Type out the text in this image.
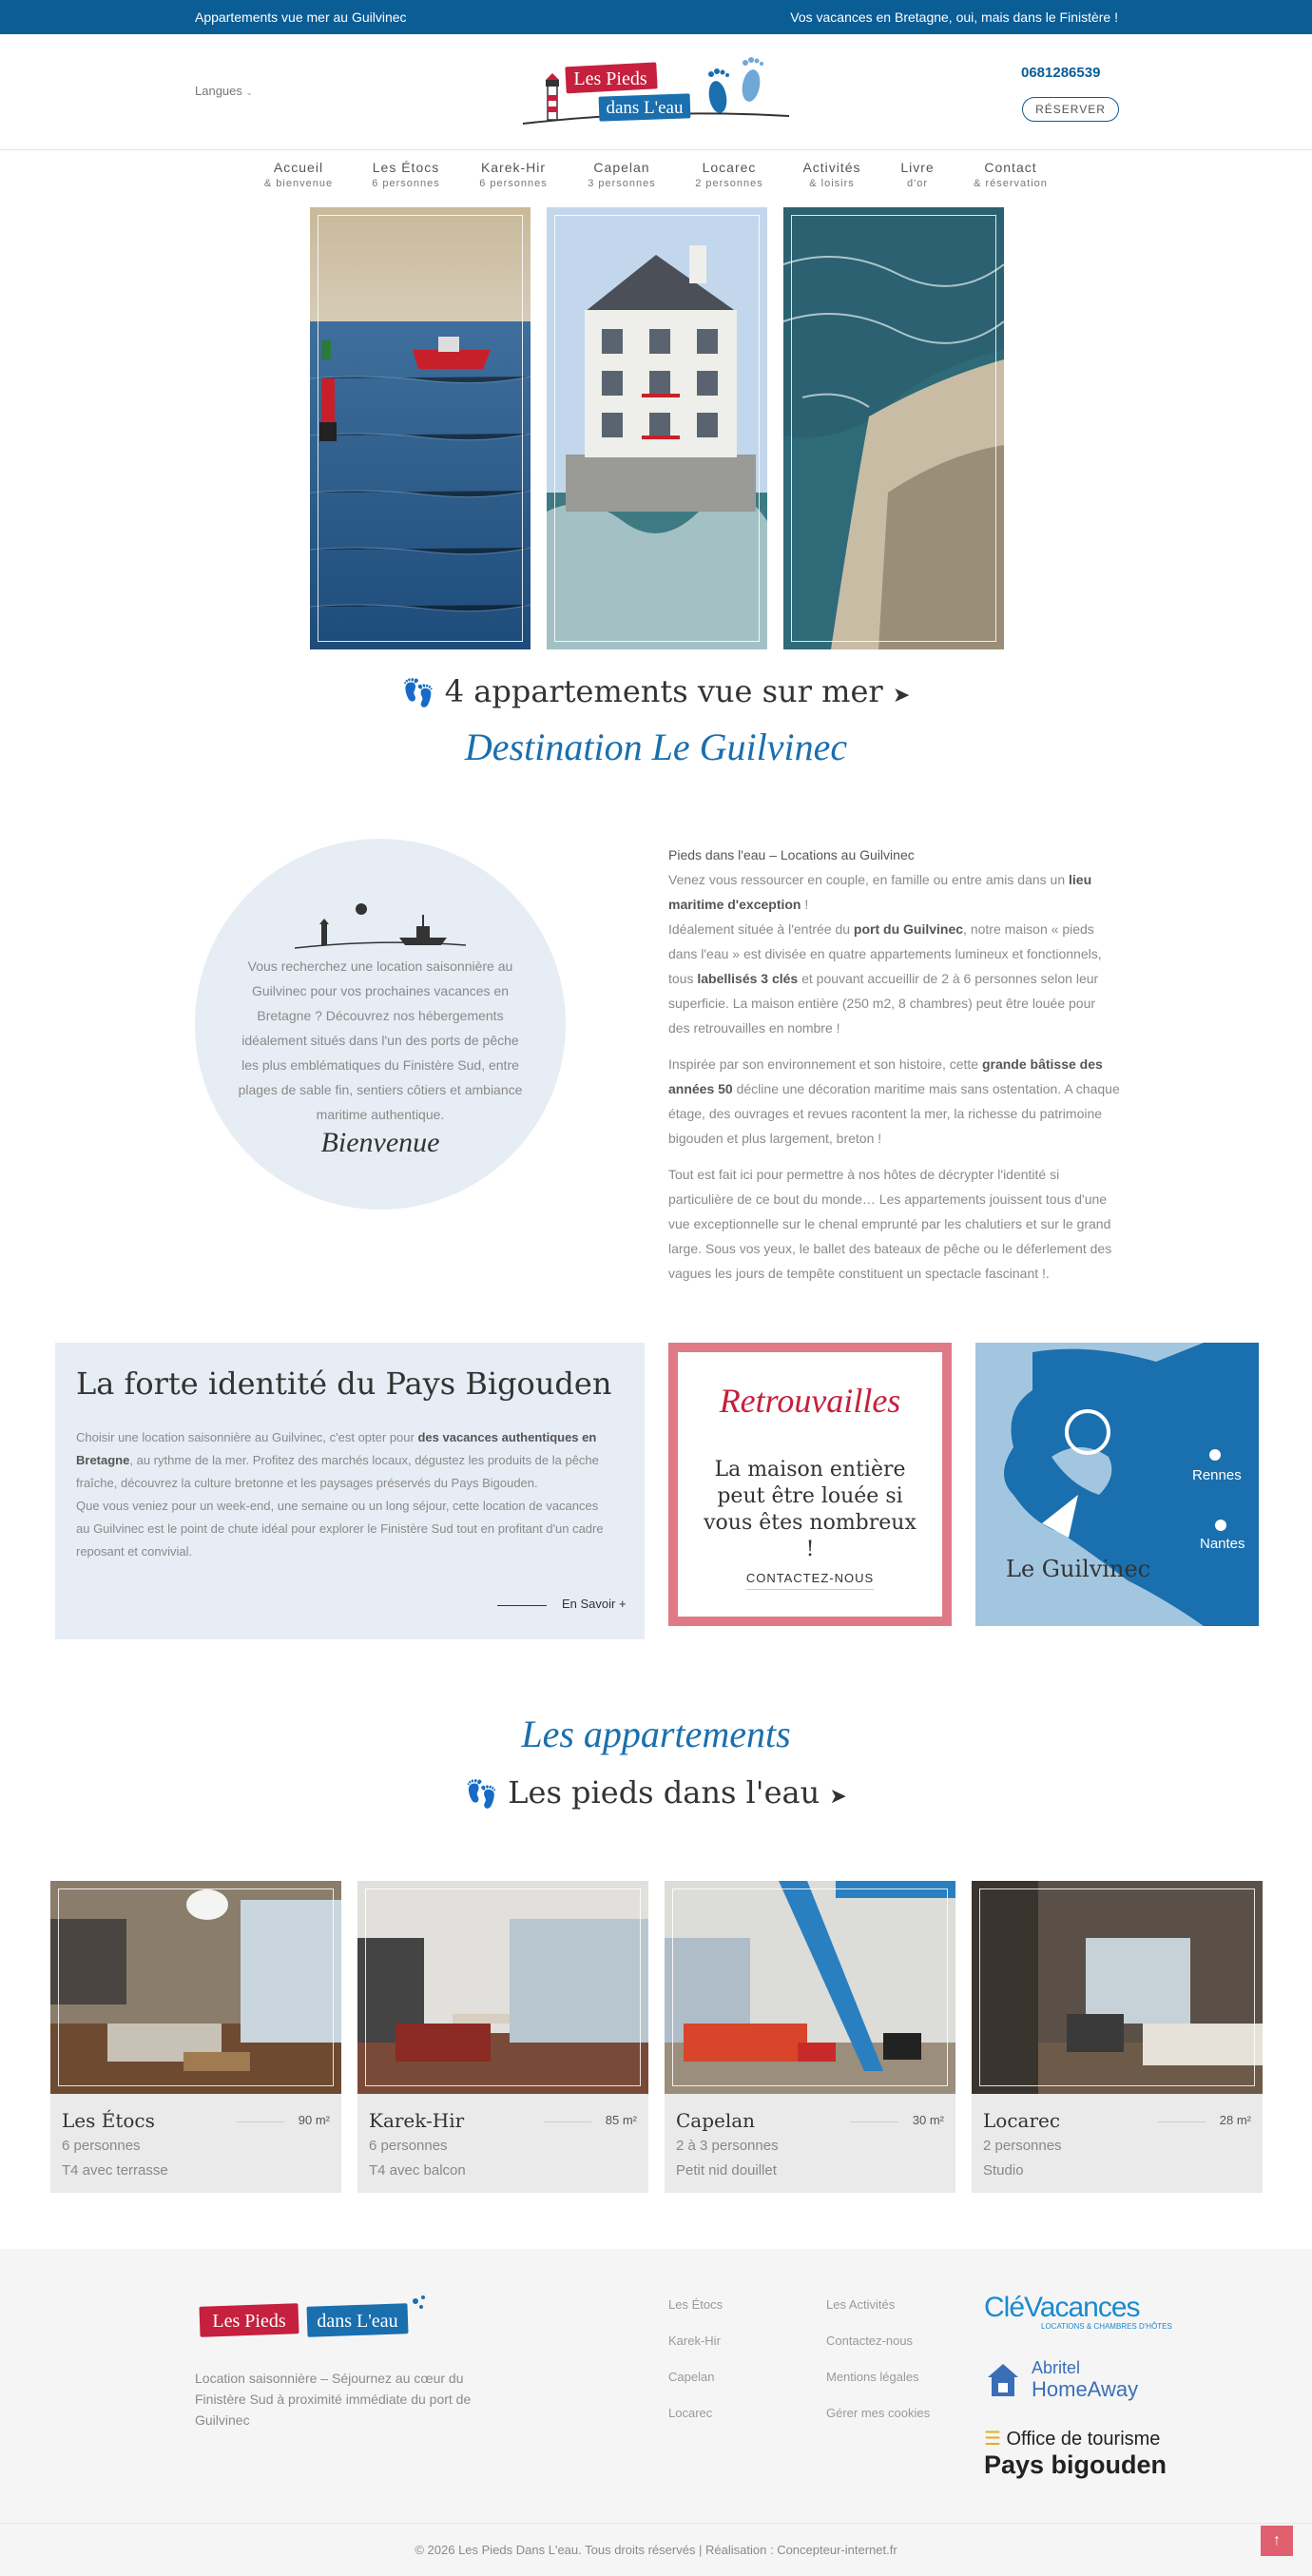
Appartements vue mer au Guilvinec	Vos vacances en Bretagne, oui, mais dans le Finistère !
Langues ⌄
Les Pieds
dans L'eau
0681286539
RÉSERVER
Accueil
& bienvenue
Les Étocs
6 personnes
Karek-Hir
6 personnes
Capelan
3 personnes
Locarec
2 personnes
Activités
& loisirs
Livre
d'or
Contact
& réservation
👣 4 appartements vue sur mer ➤
Destination Le Guilvinec
Vous recherchez une location saisonnière au Guilvinec pour vos prochaines vacances en Bretagne ? Découvrez nos hébergements idéalement situés dans l'un des ports de pêche les plus emblématiques du Finistère Sud, entre plages de sable fin, sentiers côtiers et ambiance maritime authentique.
Bienvenue

Pieds dans l'eau – Locations au Guilvinec
Venez vous ressourcer en couple, en famille ou entre amis dans un lieu maritime d'exception !
Idéalement située à l'entrée du port du Guilvinec, notre maison « pieds dans l'eau » est divisée en quatre appartements lumineux et fonctionnels, tous labellisés 3 clés et pouvant accueillir de 2 à 6 personnes selon leur superficie. La maison entière (250 m2, 8 chambres) peut être louée pour des retrouvailles en nombre !

Inspirée par son environnement et son histoire, cette grande bâtisse des années 50 décline une décoration maritime mais sans ostentation. A chaque étage, des ouvrages et revues racontent la mer, la richesse du patrimoine bigouden et plus largement, breton !

Tout est fait ici pour permettre à nos hôtes de décrypter l'identité si particulière de ce bout du monde… Les appartements jouissent tous d'une vue exceptionnelle sur le chenal emprunté par les chalutiers et sur le grand large. Sous vos yeux, le ballet des bateaux de pêche ou le déferlement des vagues les jours de tempête constituent un spectacle fascinant !.

La forte identité du Pays Bigouden
Choisir une location saisonnière au Guilvinec, c'est opter pour des vacances authentiques en Bretagne, au rythme de la mer. Profitez des marchés locaux, dégustez les produits de la pêche fraîche, découvrez la culture bretonne et les paysages préservés du Pays Bigouden.
Que vous veniez pour un week-end, une semaine ou un long séjour, cette location de vacances au Guilvinec est le point de chute idéal pour explorer le Finistère Sud tout en profitant d'un cadre reposant et convivial.
En Savoir +
Retrouvailles
La maison entière peut être louée si vous êtes nombreux !
CONTACTEZ-NOUS
Rennes
Nantes
Le Guilvinec
Les appartements
👣 Les pieds dans l'eau ➤
Les Étocs	90 m²
6 personnes
T4 avec terrasse
Karek-Hir	85 m²
6 personnes
T4 avec balcon
Capelan	30 m²
2 à 3 personnes
Petit nid douillet
Locarec	28 m²
2 personnes
Studio
Les Pieds dans L'eau
Location saisonnière – Séjournez au cœur du Finistère Sud à proximité immédiate du port de Guilvinec
Les Étocs
Karek-Hir
Capelan
Locarec
Les Activités
Contactez-nous
Mentions légales
Gérer mes cookies
CléVacances
LOCATIONS & CHAMBRES D'HÔTES
Abritel
HomeAway
☰ Office de tourisme
Pays bigouden
© 2026 Les Pieds Dans L'eau. Tous droits réservés | Réalisation : Concepteur-internet.fr
↑
